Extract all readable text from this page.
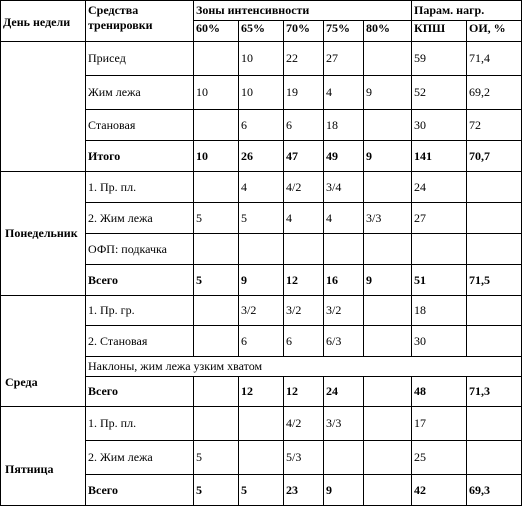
День недели	Средства тренировки	Зоны интенсивности					Парам. нагр.	
		60%	65%	70%	75%	80%	КПШ	ОИ, %
	Присед		10	22	27		59	71,4
	Жим лежа	10	10	19	4	9	52	69,2
	Становая		6	6	18		30	72
	Итого	10	26	47	49	9	141	70,7
Понедельник	1. Пр. пл.		4	4/2	3/4		24	
	2. Жим лежа	5	5	4	4	3/3	27	
	ОФП: подкачка							
	Всего	5	9	12	16	9	51	71,5
Среда	1. Пр. гр.		3/2	3/2	3/2		18	
	2. Становая		6	6	6/3		30	
	Наклоны, жим лежа узким хватом							
	Всего		12	12	24		48	71,3
Пятница	1. Пр. пл.			4/2	3/3		17	
	2. Жим лежа	5		5/3			25	
	Всего	5	5	23	9		42	69,3
